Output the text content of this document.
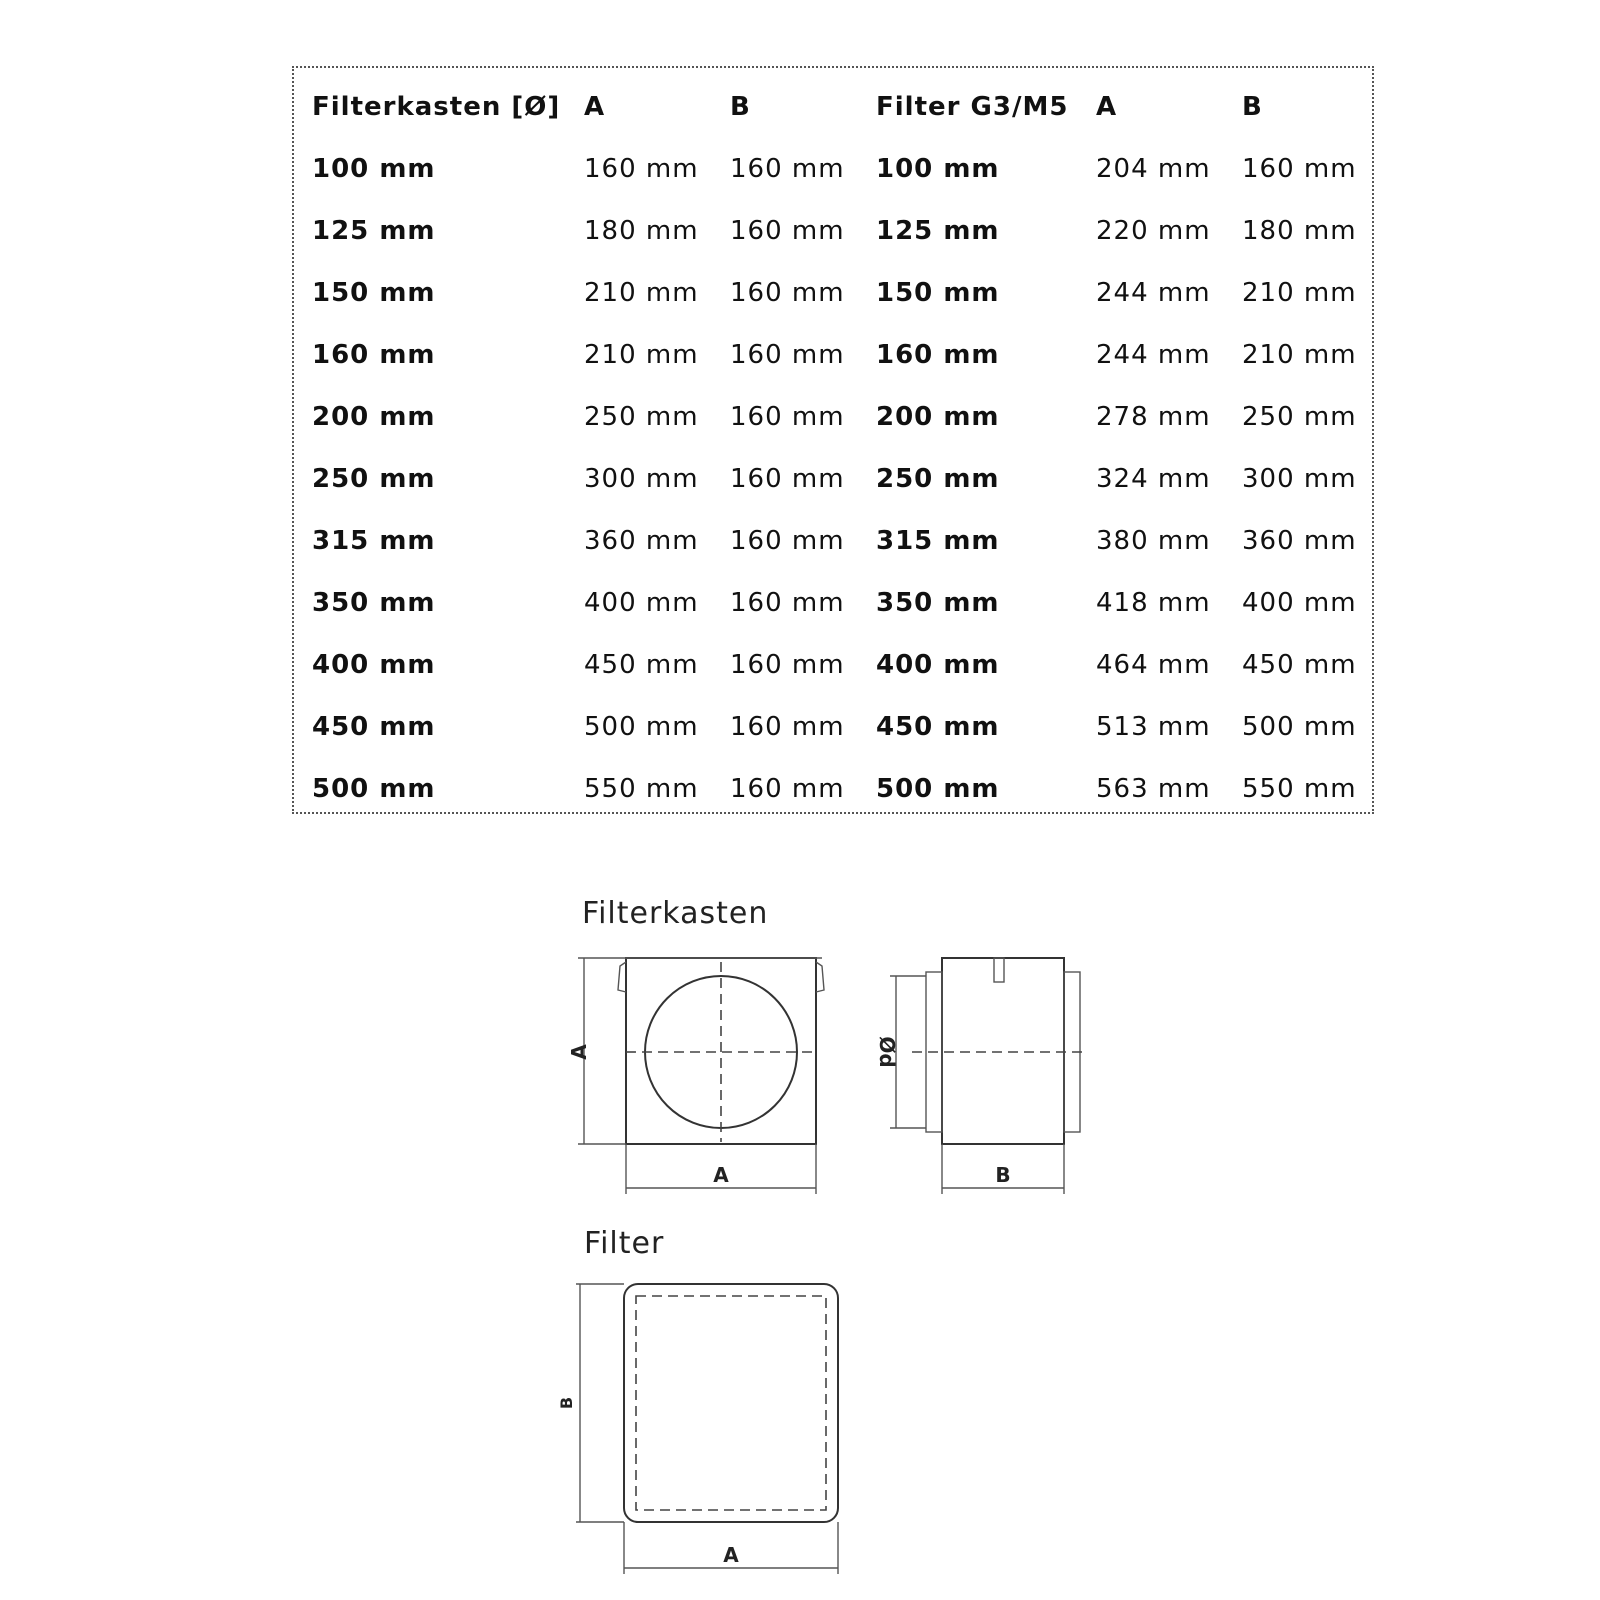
Filterkasten [Ø]	A	B	Filter G3/M5	A	B
100 mm	160 mm	160 mm	100 mm	204 mm	160 mm
125 mm	180 mm	160 mm	125 mm	220 mm	180 mm
150 mm	210 mm	160 mm	150 mm	244 mm	210 mm
160 mm	210 mm	160 mm	160 mm	244 mm	210 mm
200 mm	250 mm	160 mm	200 mm	278 mm	250 mm
250 mm	300 mm	160 mm	250 mm	324 mm	300 mm
315 mm	360 mm	160 mm	315 mm	380 mm	360 mm
350 mm	400 mm	160 mm	350 mm	418 mm	400 mm
400 mm	450 mm	160 mm	400 mm	464 mm	450 mm
450 mm	500 mm	160 mm	450 mm	513 mm	500 mm
500 mm	550 mm	160 mm	500 mm	563 mm	550 mm
Filterkasten
Filter
A
A
Ød
B
B
A
